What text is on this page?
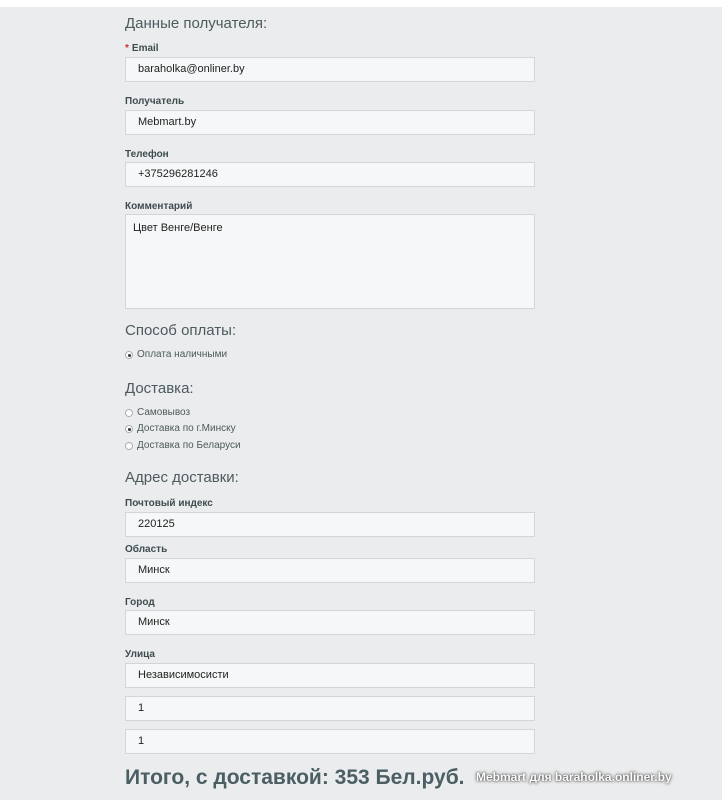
Данные получателя:
* Email
baraholka@onliner.by
Получатель
Mebmart.by
Телефон
+375296281246
Комментарий
Цвет Венге/Венге
Способ оплаты:
Оплата наличными
Доставка:
Самовывоз
Доставка по г.Минску
Доставка по Беларуси
Адрес доставки:
Почтовый индекс
220125
Область
Минск
Город
Минск
Улица
Независимосисти
1
1
Итого, с доставкой: 353 Бел.руб. Mebmart для baraholka.onliner.by
